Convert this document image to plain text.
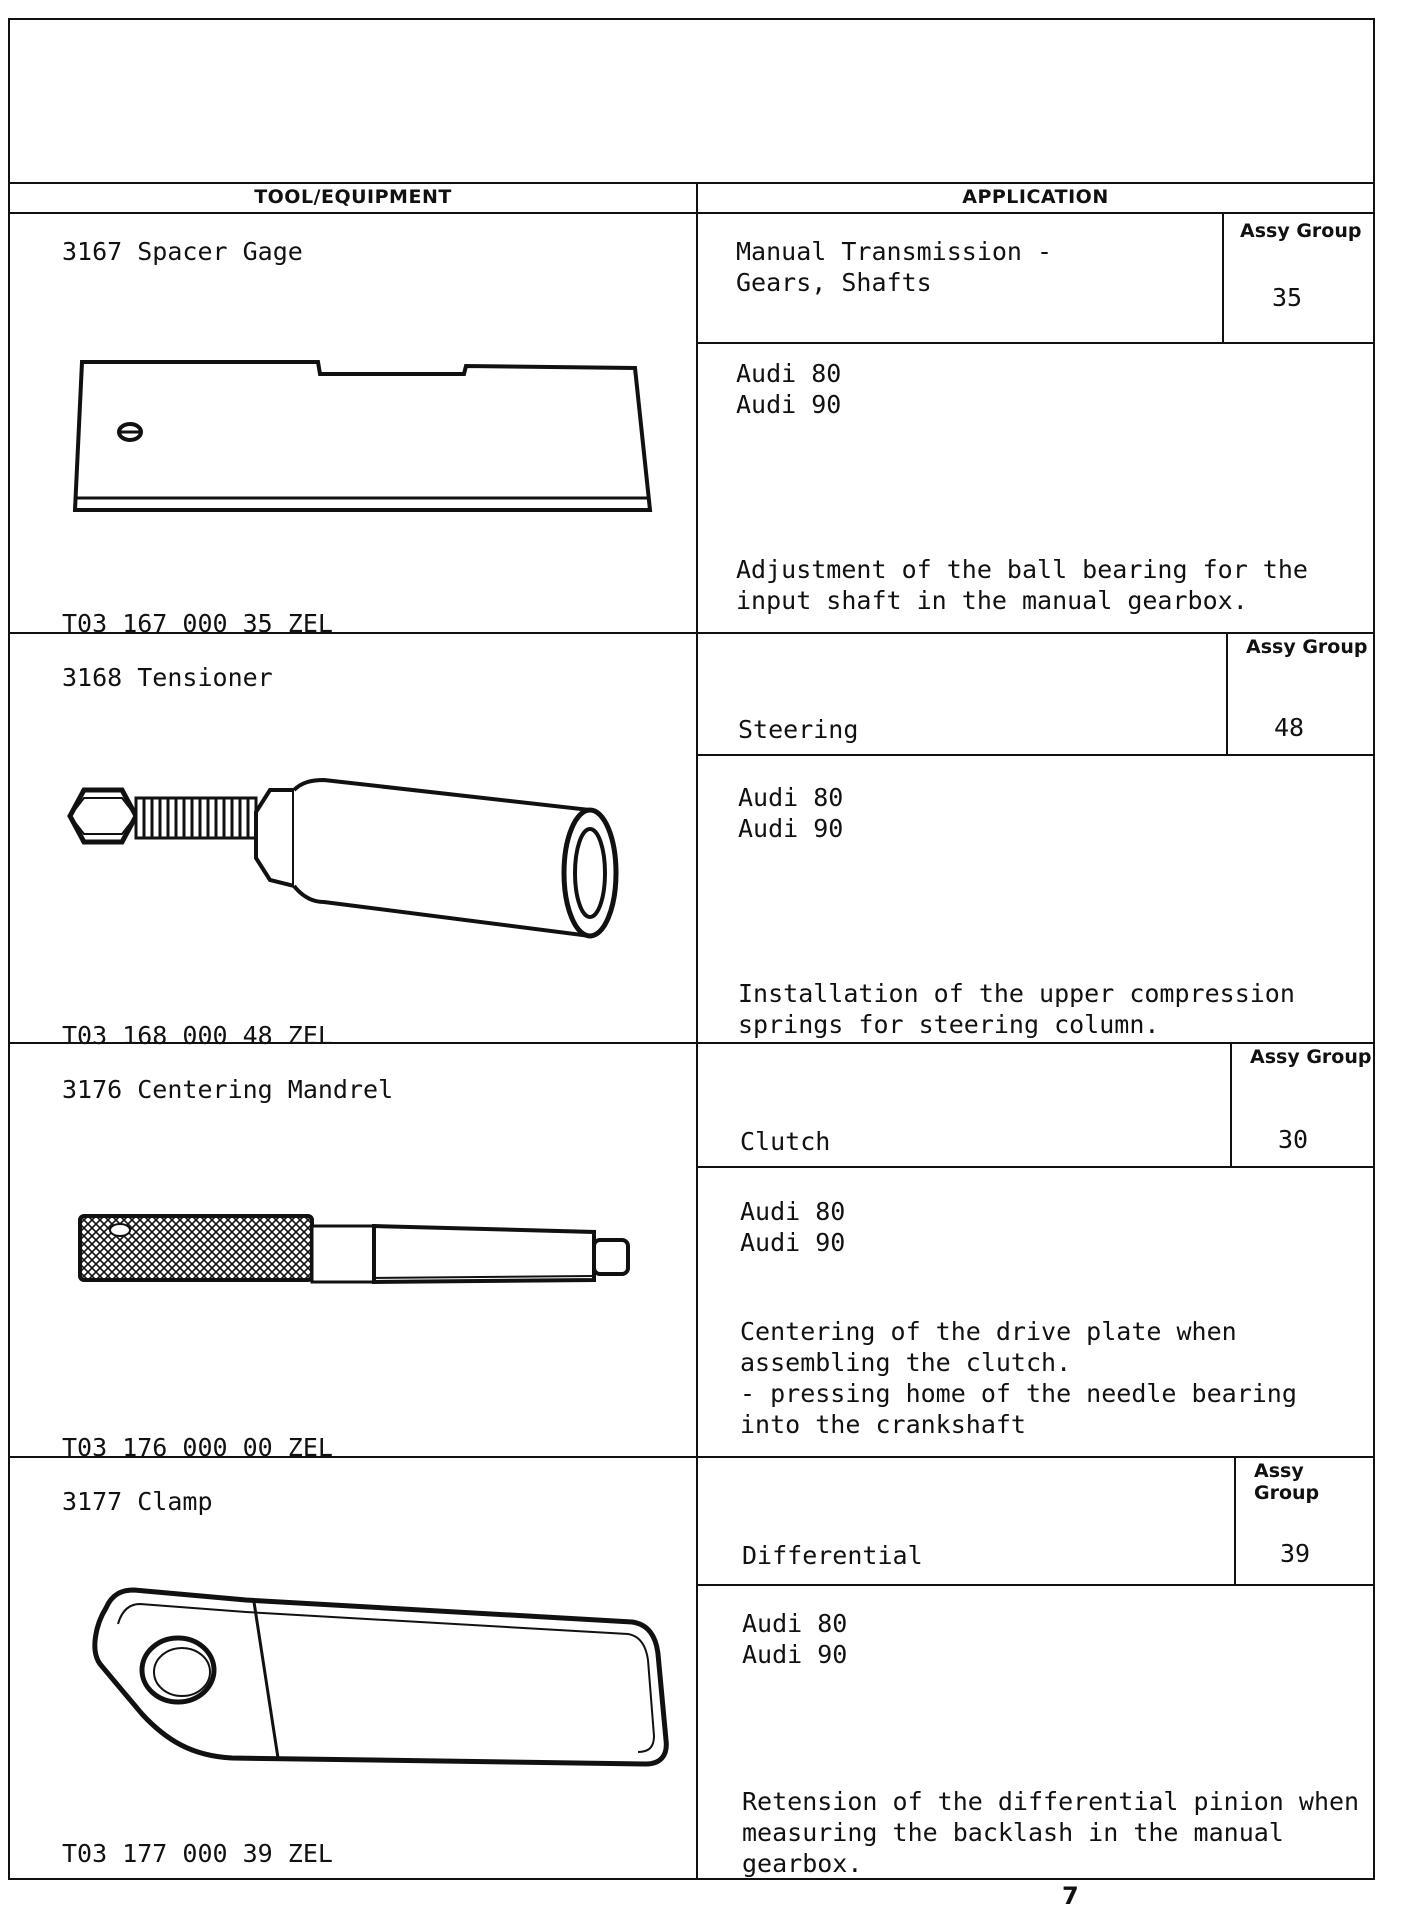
TOOL/EQUIPMENT	APPLICATION
3167 Spacer Gage
T03 167 000 35 ZEL
Manual Transmission -
Gears, Shafts
Assy Group
35
Audi 80
Audi 90
Adjustment of the ball bearing for the
input shaft in the manual gearbox.
3168 Tensioner
T03 168 000 48 ZEL
Assy Group
48
Steering
Audi 80
Audi 90
Installation of the upper compression
springs for steering column.
3176 Centering Mandrel
T03 176 000 00 ZEL
Assy Group
30
Clutch
Audi 80
Audi 90
Centering of the drive plate when
assembling the clutch.
- pressing home of the needle bearing
into the crankshaft
3177 Clamp
T03 177 000 39 ZEL
Assy Group
39
Differential
Audi 80
Audi 90
Retension of the differential pinion when
measuring the backlash in the manual
gearbox.
7
